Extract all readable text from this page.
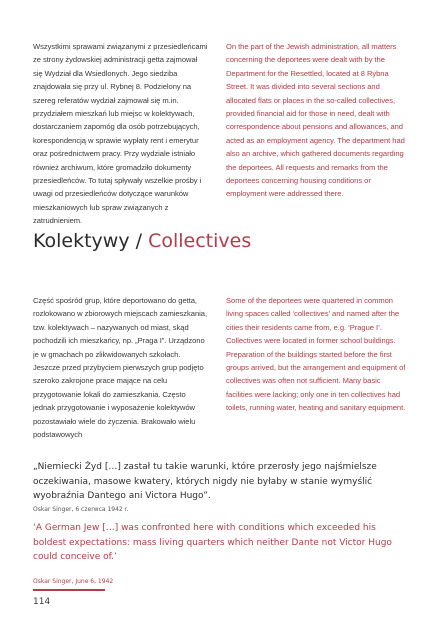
Wszystkimi sprawami związanymi z przesiedleńcami ze strony żydowskiej administracji getta zajmował się Wydział dla Wsiedlonych. Jego siedziba znajdowała się przy ul. Rybnej 8. Podzielony na szereg referatów wydział zajmował się m.in. przydziałem mieszkań lub miejsc w kolektywach, dostarczaniem zapomóg dla osób potrzebujących, korespondencją w sprawie wypłaty rent i emerytur oraz pośrednictwem pracy. Przy wydziale istniało również archiwum, które gromadziło dokumenty przesiedleńców. To tutaj spływały wszelkie prośby i uwagi od przesiedleńców dotyczące warunków mieszkaniowych lub spraw związanych z zatrudnieniem.
On the part of the Jewish administration, all matters concerning the deportees were dealt with by the Department for the Resettled, located at 8 Rybna Street. It was divided into several sections and allocated flats or places in the so-called collectives, provided financial aid for those in need, dealt with correspondence about pensions and allowances, and acted as an employment agency. The department had also an archive, which gathered documents regarding the deportees. All requests and remarks from the deportees concerning housing conditions or employment were addressed there.
Kolektywy / Collectives
Część spośród grup, które deportowano do getta, rozlokowano w zbiorowych miejscach zamieszkania, tzw. kolektywach – nazywanych od miast, skąd pochodzili ich mieszkańcy, np. „Praga I”. Urządzono je w gmachach po zlikwidowanych szkołach. Jeszcze przed przybyciem pierwszych grup podjęto szeroko zakrojone prace mające na celu przygotowanie lokali do zamieszkania. Często jednak przygotowanie i wyposażenie kolektywów pozostawiało wiele do życzenia. Brakowało wielu podstawowych
Some of the deportees were quartered in common living spaces called ‘collectives’ and named after the cities their residents came from, e.g. ‘Prague I’. Collectives were located in former school buildings. Preparation of the buildings started before the first groups arrived, but the arrangement and equipment of collectives was often not sufficient. Many basic facilities were lacking; only one in ten collectives had toilets, running water, heating and sanitary equipment.
„Niemiecki Żyd […] zastał tu takie warunki, które przerosły jego najśmielsze oczekiwania, masowe kwatery, których nigdy nie byłaby w stanie wymyślić wyobraźnia Dantego ani Victora Hugo”.
Oskar Singer, 6 czerwca 1942 r.
‘A German Jew […] was confronted here with conditions which exceeded his boldest expectations: mass living quarters which neither Dante not Victor Hugo could conceive of.’
Oskar Singer, June 6, 1942
114
